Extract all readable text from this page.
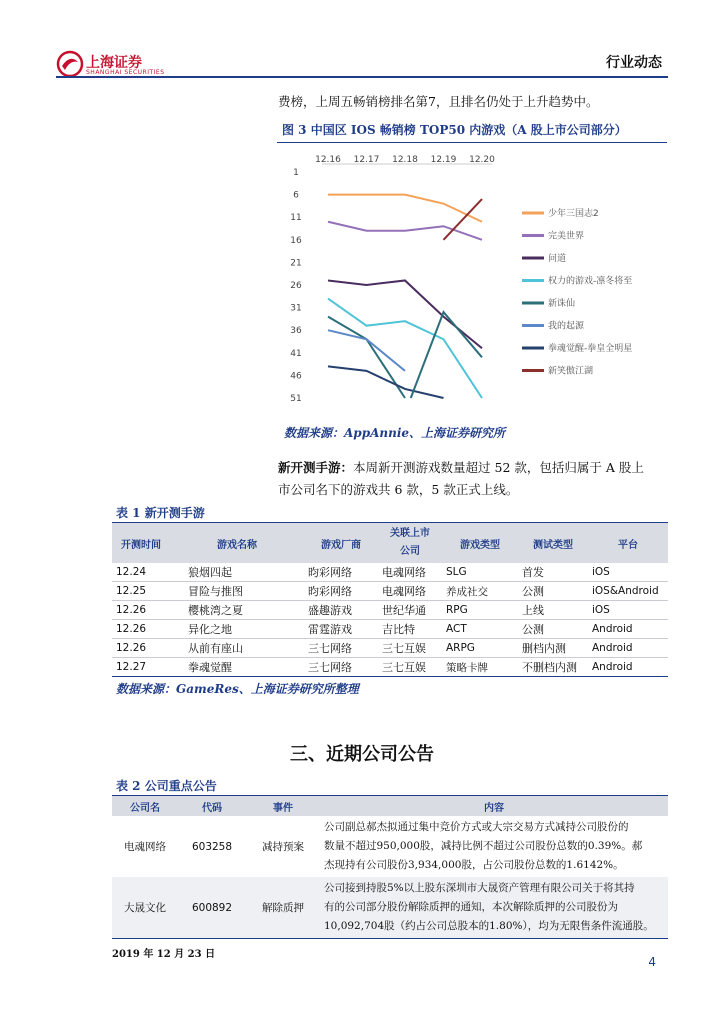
上海证券
SHANGHAI SECURITIES
行业动态
费榜，上周五畅销榜排名第7，且排名仍处于上升趋势中。
图 3 中国区 IOS 畅销榜 TOP50 内游戏（A 股上市公司部分）
12.16 12.17 12.18 12.19 12.20
1
6
11
16
21
26
31
36
41
46
51
少年三国志2
完美世界
问道
权力的游戏-凛冬将至
新诛仙
我的起源
拳魂觉醒-拳皇全明星
新笑傲江湖
数据来源：AppAnnie、上海证券研究所
新开测手游：本周新开测游戏数量超过 52 款，包括归属于 A 股上
市公司名下的游戏共 6 款，5 款正式上线。
表 1 新开测手游
开测时间	游戏名称	游戏厂商	关联上市公司	游戏类型	测试类型	平台
12.24	狼烟四起	昀彩网络	电魂网络	SLG	首发	iOS
12.25	冒险与推图	昀彩网络	电魂网络	养成社交	公测	iOS&Android
12.26	樱桃湾之夏	盛趣游戏	世纪华通	RPG	上线	iOS
12.26	异化之地	雷霆游戏	吉比特	ACT	公测	Android
12.26	从前有座山	三七网络	三七互娱	ARPG	删档内测	Android
12.27	拳魂觉醒	三七网络	三七互娱	策略卡牌	不删档内测	Android
数据来源：GameRes、上海证券研究所整理
三、近期公司公告
表 2 公司重点公告
公司名	代码	事件	内容
电魂网络	603258	减持预案	公司副总郝杰拟通过集中竞价方式或大宗交易方式减持公司股份的
数量不超过950,000股，减持比例不超过公司股份总数的0.39%。郝
杰现持有公司股份3,934,000股，占公司股份总数的1.6142%。

大晟文化	600892	解除质押	公司接到持股5%以上股东深圳市大晟资产管理有限公司关于将其持
有的公司部分股份解除质押的通知，本次解除质押的公司股份为
10,092,704股（约占公司总股本的1.80%），均为无限售条件流通股。
2019 年 12 月 23 日
4
